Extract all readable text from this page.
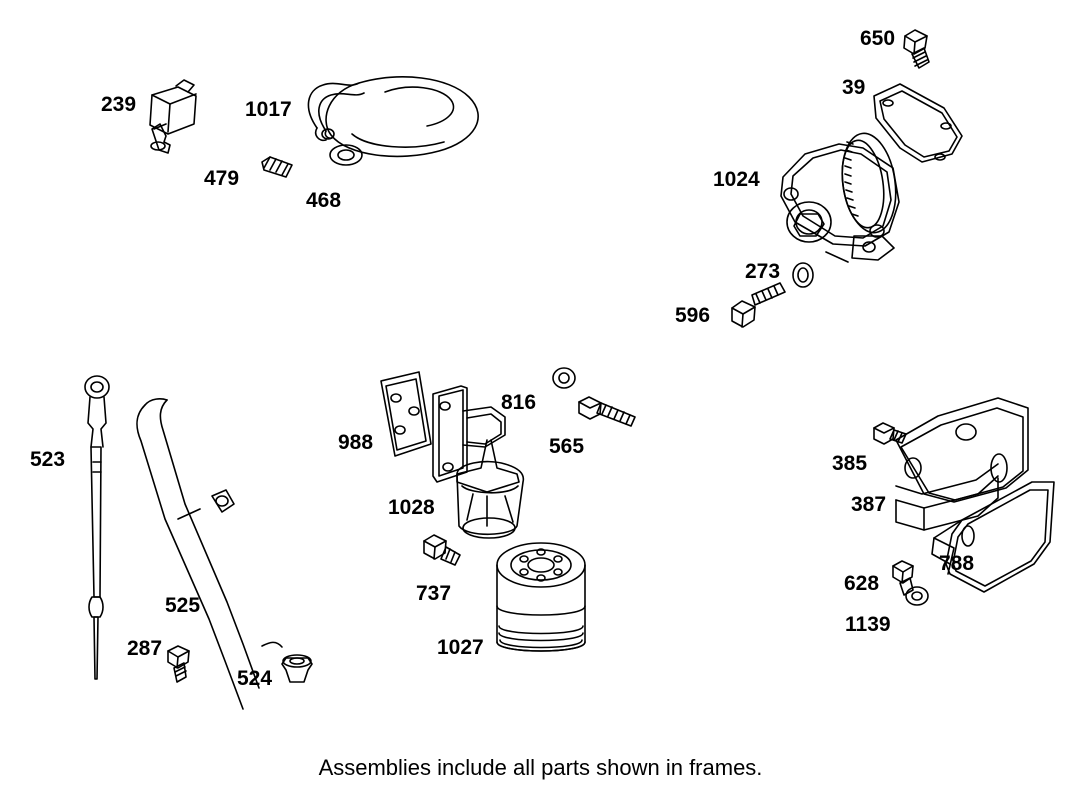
239	1017
479
468
650
39
1024
273
596
523
525
287
524
988
816
565
1028
737
1027
385
387
788
628
1139
Assemblies include all parts shown in frames.
